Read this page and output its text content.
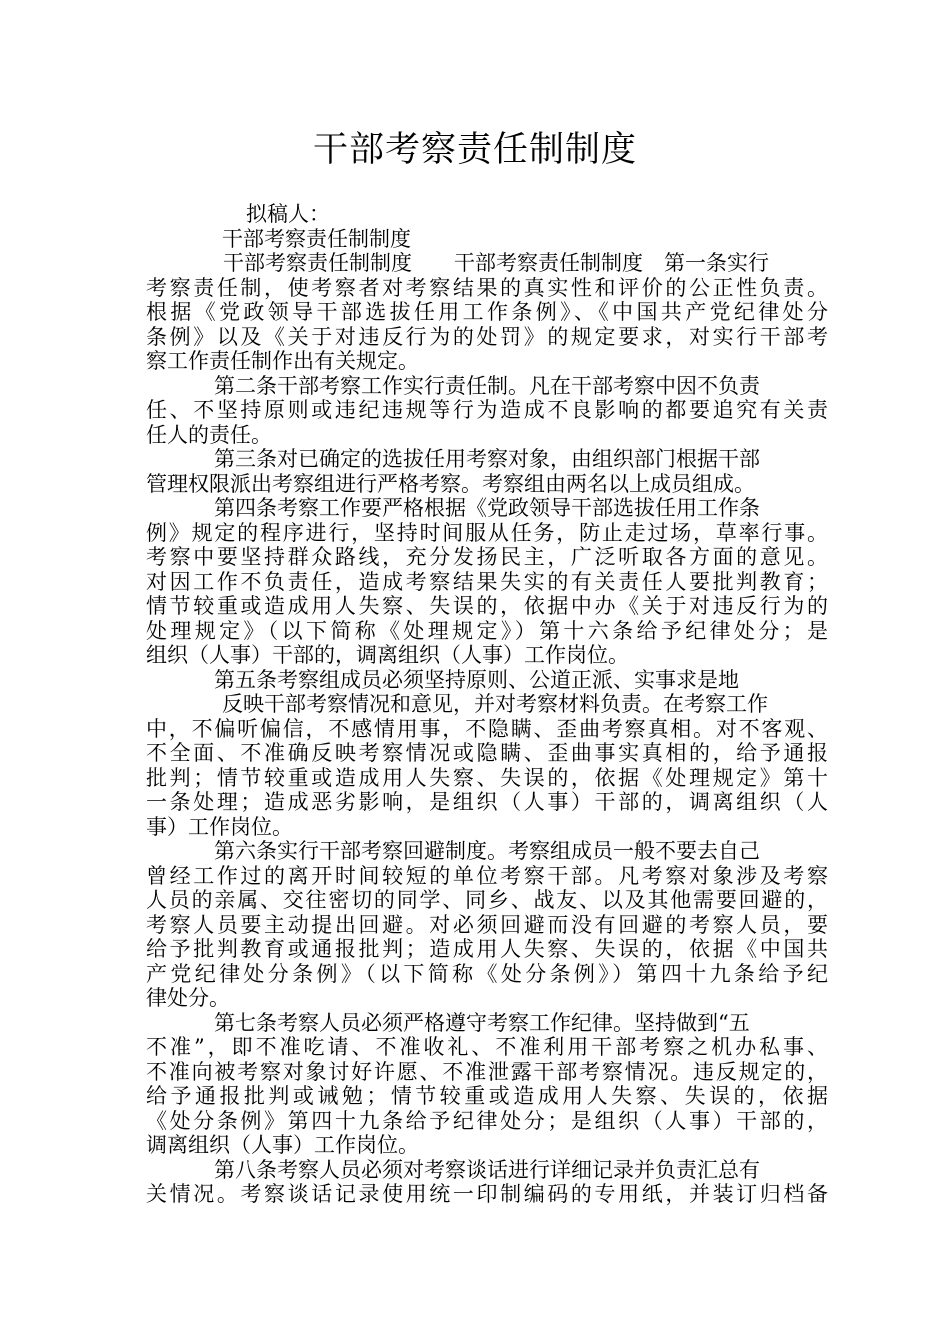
干部考察责任制制度
拟稿人：
干部考察责任制制度
干部考察责任制制度　　干部考察责任制制度　第一条实行
考察责任制，使考察者对考察结果的真实性和评价的公正性负责。
根据《党政领导干部选拔任用工作条例》、《中国共产党纪律处分
条例》以及《关于对违反行为的处罚》的规定要求，对实行干部考
察工作责任制作出有关规定。
第二条干部考察工作实行责任制。凡在干部考察中因不负责
任、不坚持原则或违纪违规等行为造成不良影响的都要追究有关责
任人的责任。
第三条对已确定的选拔任用考察对象，由组织部门根据干部
管理权限派出考察组进行严格考察。考察组由两名以上成员组成。
第四条考察工作要严格根据《党政领导干部选拔任用工作条
例》规定的程序进行，坚持时间服从任务，防止走过场，草率行事。
考察中要坚持群众路线，充分发扬民主，广泛听取各方面的意见。
对因工作不负责任，造成考察结果失实的有关责任人要批判教育；
情节较重或造成用人失察、失误的，依据中办《关于对违反行为的
处理规定》（以下简称《处理规定》）第十六条给予纪律处分；是
组织（人事）干部的，调离组织（人事）工作岗位。
第五条考察组成员必须坚持原则、公道正派、实事求是地
反映干部考察情况和意见，并对考察材料负责。在考察工作
中，不偏听偏信，不感情用事，不隐瞒、歪曲考察真相。对不客观、
不全面、不准确反映考察情况或隐瞒、歪曲事实真相的，给予通报
批判；情节较重或造成用人失察、失误的，依据《处理规定》第十
一条处理；造成恶劣影响，是组织（人事）干部的，调离组织（人
事）工作岗位。
第六条实行干部考察回避制度。考察组成员一般不要去自己
曾经工作过的离开时间较短的单位考察干部。凡考察对象涉及考察
人员的亲属、交往密切的同学、同乡、战友、以及其他需要回避的，
考察人员要主动提出回避。对必须回避而没有回避的考察人员，要
给予批判教育或通报批判；造成用人失察、失误的，依据《中国共
产党纪律处分条例》（以下简称《处分条例》）第四十九条给予纪
律处分。
第七条考察人员必须严格遵守考察工作纪律。坚持做到“五
不准”，即不准吃请、不准收礼、不准利用干部考察之机办私事、
不准向被考察对象讨好许愿、不准泄露干部考察情况。违反规定的，
给予通报批判或诫勉；情节较重或造成用人失察、失误的，依据
《处分条例》第四十九条给予纪律处分；是组织（人事）干部的，
调离组织（人事）工作岗位。
第八条考察人员必须对考察谈话进行详细记录并负责汇总有
关情况。考察谈话记录使用统一印制编码的专用纸，并装订归档备
